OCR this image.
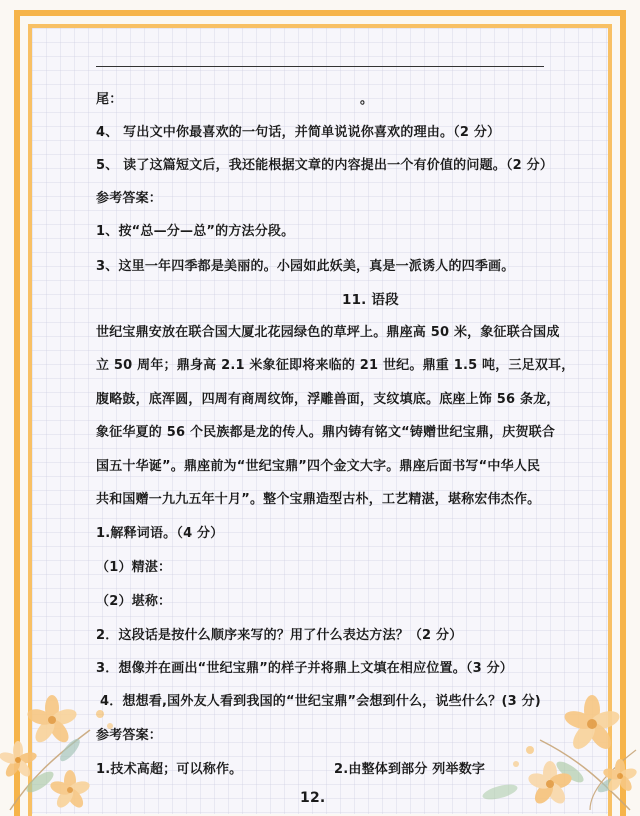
尾：	。
4、 写出文中你最喜欢的一句话，并简单说说你喜欢的理由。（2 分）
5、 读了这篇短文后，我还能根据文章的内容提出一个有价值的问题。（2 分）
参考答案：
1、按“总—分—总”的方法分段。
3、这里一年四季都是美丽的。小园如此妖美，真是一派诱人的四季画。
11. 语段
世纪宝鼎安放在联合国大厦北花园绿色的草坪上。鼎座高 50 米，象征联合国成
立 50 周年；鼎身高 2.1 米象征即将来临的 21 世纪。鼎重 1.5 吨，三足双耳，
腹略鼓，底浑圆，四周有商周纹饰，浮雕兽面，支纹填底。底座上饰 56 条龙，
象征华夏的 56 个民族都是龙的传人。鼎内铸有铭文“铸赠世纪宝鼎，庆贺联合
国五十华诞”。鼎座前为“世纪宝鼎”四个金文大字。鼎座后面书写“中华人民
共和国赠一九九五年十月”。整个宝鼎造型古朴，工艺精湛，堪称宏伟杰作。
1.解释词语。（4 分）
（1）精湛：
（2）堪称：
2．这段话是按什么顺序来写的？用了什么表达方法？（2 分）
3．想像并在画出“世纪宝鼎”的样子并将鼎上文填在相应位置。（3 分）
4．想想看,国外友人看到我国的“世纪宝鼎”会想到什么，说些什么？(3 分)
参考答案：
1.技术高超；可以称作。	2.由整体到部分 列举数字
12.
